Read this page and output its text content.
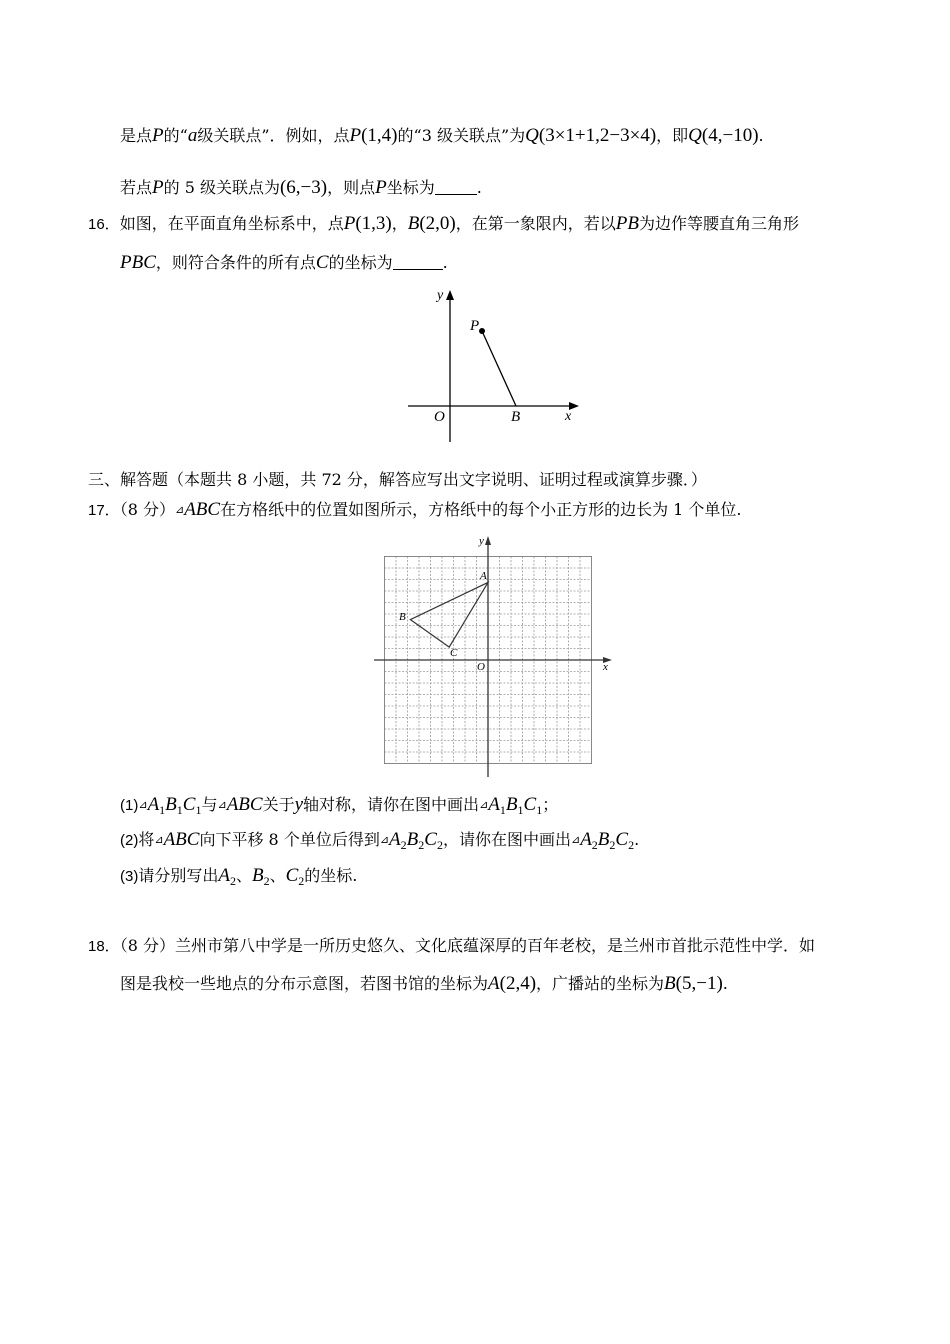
是点P的“a级关联点”．例如，点P(1,4)的“3 级关联点”为Q(3×1+1,2−3×4)，即Q(4,−10).
若点P的 5 级关联点为(6,−3)，则点P坐标为	.
16．如图，在平面直角坐标系中，点P(1,3)，B(2,0)，在第一象限内，若以PB为边作等腰直角三角形
PBC，则符合条件的所有点C的坐标为	.
P
O	B	x
y
三、解答题（本题共 8 小题，共 72 分，解答应写出文字说明、证明过程或演算步骤．）
17．（8 分）⊿ABC在方格纸中的位置如图所示，方格纸中的每个小正方形的边长为 1 个单位.
A
B
C
O	x
y
$(1)⊿A_1B_1C_1$与⊿ABC关于y轴对称，请你在图中画出$⊿A_1B_1C_1$；
(2)将⊿ABC向下平移 8 个单位后得到$⊿A_2B_2C_2$，请你在图中画出$⊿A_2B_2C_2$.
(3)请分别写出$A_2$、$B_2$、$C_2$的坐标.
18．（8 分）兰州市第八中学是一所历史悠久、文化底蕴深厚的百年老校，是兰州市首批示范性中学．如
图是我校一些地点的分布示意图，若图书馆的坐标为A(2,4)，广播站的坐标为B(5,−1).
